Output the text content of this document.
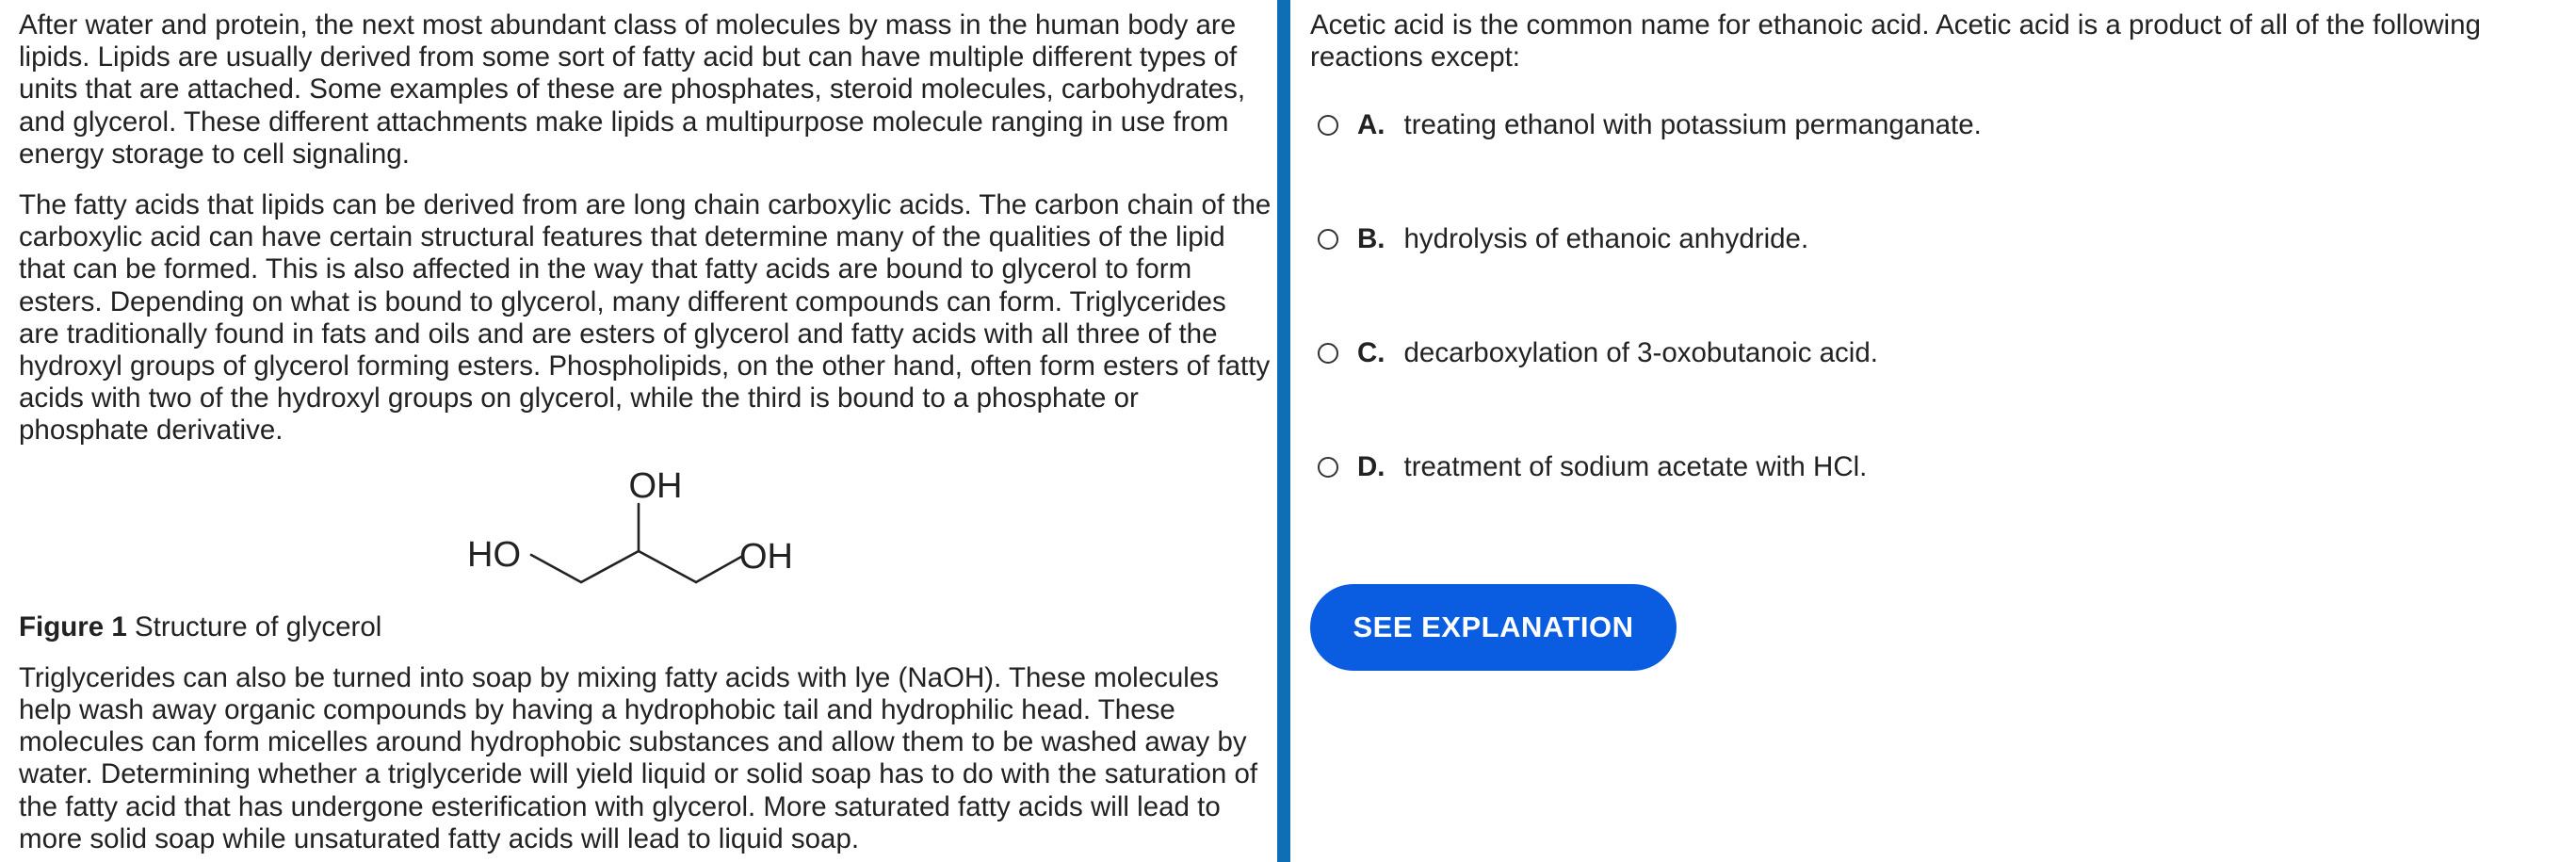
After water and protein, the next most abundant class of molecules by mass in the human body are lipids. Lipids are usually derived from some sort of fatty acid but can have multiple different types of units that are attached. Some examples of these are phosphates, steroid molecules, carbohydrates, and glycerol. These different attachments make lipids a multipurpose molecule ranging in use from energy storage to cell signaling.

The fatty acids that lipids can be derived from are long chain carboxylic acids. The carbon chain of the carboxylic acid can have certain structural features that determine many of the qualities of the lipid that can be formed. This is also affected in the way that fatty acids are bound to glycerol to form esters. Depending on what is bound to glycerol, many different compounds can form. Triglycerides are traditionally found in fats and oils and are esters of glycerol and fatty acids with all three of the hydroxyl groups of glycerol forming esters. Phospholipids, on the other hand, often form esters of fatty acids with two of the hydroxyl groups on glycerol, while the third is bound to a phosphate or phosphate derivative.

OH
HO	OH

Figure 1 Structure of glycerol

Triglycerides can also be turned into soap by mixing fatty acids with lye (NaOH). These molecules help wash away organic compounds by having a hydrophobic tail and hydrophilic head. These molecules can form micelles around hydrophobic substances and allow them to be washed away by water. Determining whether a triglyceride will yield liquid or solid soap has to do with the saturation of the fatty acid that has undergone esterification with glycerol. More saturated fatty acids will lead to more solid soap while unsaturated fatty acids will lead to liquid soap.

Acetic acid is the common name for ethanoic acid. Acetic acid is a product of all of the following reactions except:

A. treating ethanol with potassium permanganate.
B. hydrolysis of ethanoic anhydride.
C. decarboxylation of 3-oxobutanoic acid.
D. treatment of sodium acetate with HCl.
SEE EXPLANATION
